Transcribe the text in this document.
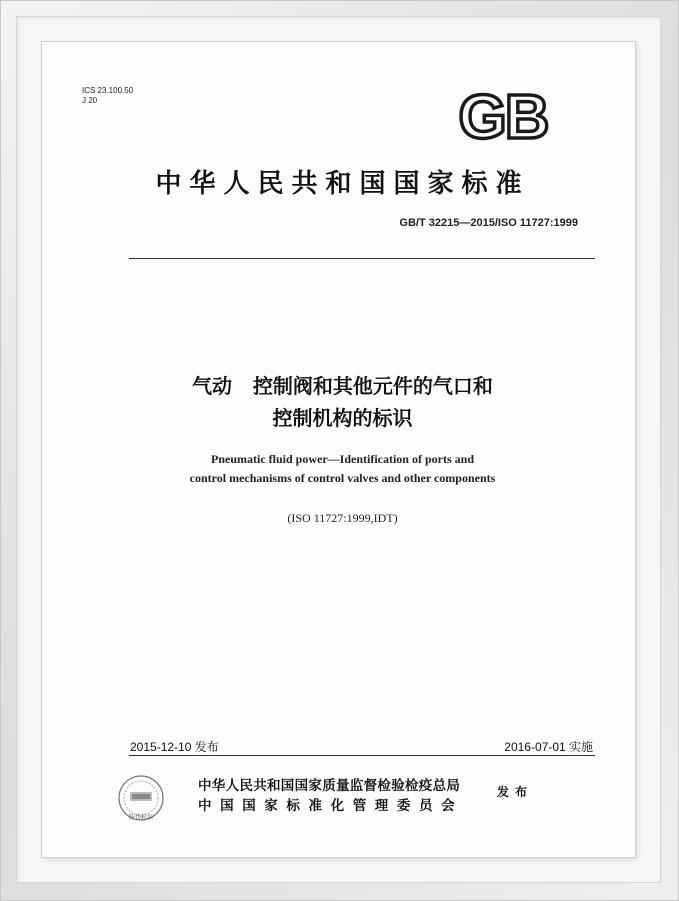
ICS 23.100.50
J 20	GB
中华人民共和国国家标准
GB/T 32215—2015/ISO 11727:1999
气动   控制阀和其他元件的气口和
控制机构的标识
Pneumatic fluid power—Identification of ports and
control mechanisms of control valves and other components
(ISO 11727:1999,IDT)
2015-12-10 发布	2016-07-01 实施
防伪标识
中华人民共和国国家质量监督检验检疫总局
中国国家标准化管理委员会
发布
